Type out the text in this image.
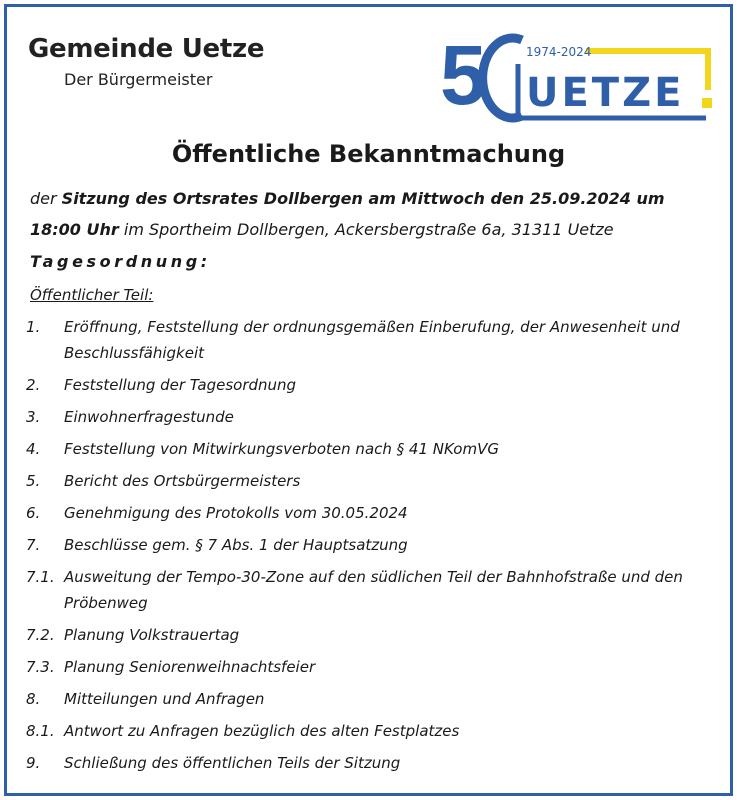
Gemeinde Uetze
Der Bürgermeister	5	1974-2024
UETZE
Öffentliche Bekanntmachung
der Sitzung des Ortsrates Dollbergen am Mittwoch den 25.09.2024 um 18:00 Uhr im Sportheim Dollbergen, Ackersbergstraße 6a, 31311 Uetze
Tagesordnung:
Öffentlicher Teil:
1.	Eröffnung, Feststellung der ordnungsgemäßen Einberufung, der Anwesenheit und Beschlussfähigkeit
2.	Feststellung der Tagesordnung
3.	Einwohnerfragestunde
4.	Feststellung von Mitwirkungsverboten nach § 41 NKomVG
5.	Bericht des Ortsbürgermeisters
6.	Genehmigung des Protokolls vom 30.05.2024
7.	Beschlüsse gem. § 7 Abs. 1 der Hauptsatzung
7.1. Ausweitung der Tempo-30-Zone auf den südlichen Teil der Bahnhofstraße und den Pröbenweg
7.2. Planung Volkstrauertag
7.3. Planung Seniorenweihnachtsfeier
8.	Mitteilungen und Anfragen
8.1. Antwort zu Anfragen bezüglich des alten Festplatzes
9.	Schließung des öffentlichen Teils der Sitzung
